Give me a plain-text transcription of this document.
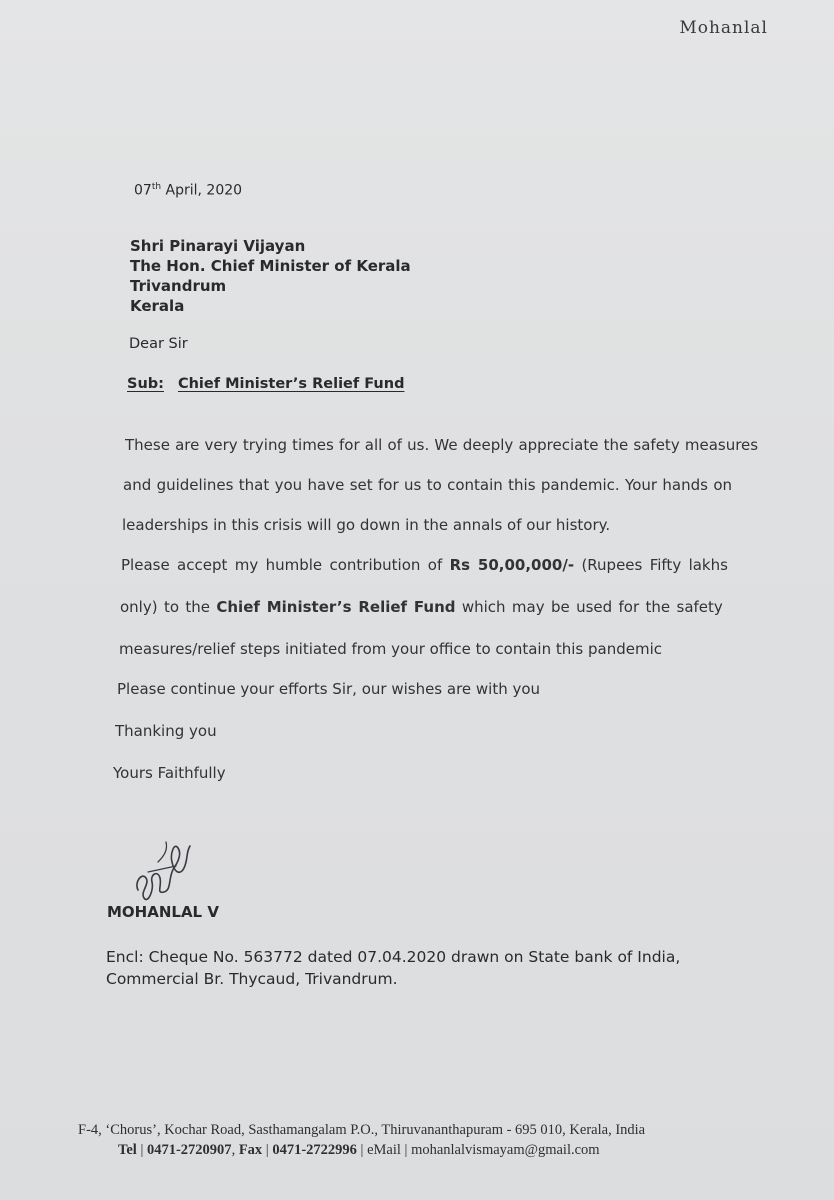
Mohanlal
07th April, 2020
Shri Pinarayi Vijayan
The Hon. Chief Minister of Kerala
Trivandrum
Kerala
Dear Sir
Sub: Chief Minister’s Relief Fund
These are very trying times for all of us. We deeply appreciate the safety measures
and guidelines that you have set for us to contain this pandemic. Your hands on
leaderships in this crisis will go down in the annals of our history.
Please accept my humble contribution of Rs 50,00,000/- (Rupees Fifty lakhs
only) to the Chief Minister’s Relief Fund which may be used for the safety
measures/relief steps initiated from your office to contain this pandemic
Please continue your efforts Sir, our wishes are with you
Thanking you
Yours Faithfully
MOHANLAL V
Encl: Cheque No. 563772 dated 07.04.2020 drawn on State bank of India,
Commercial Br. Thycaud, Trivandrum.
F-4, ‘Chorus’, Kochar Road, Sasthamangalam P.O., Thiruvananthapuram - 695 010, Kerala, India
Tel | 0471-2720907, Fax | 0471-2722996 | eMail | mohanlalvismayam@gmail.com
